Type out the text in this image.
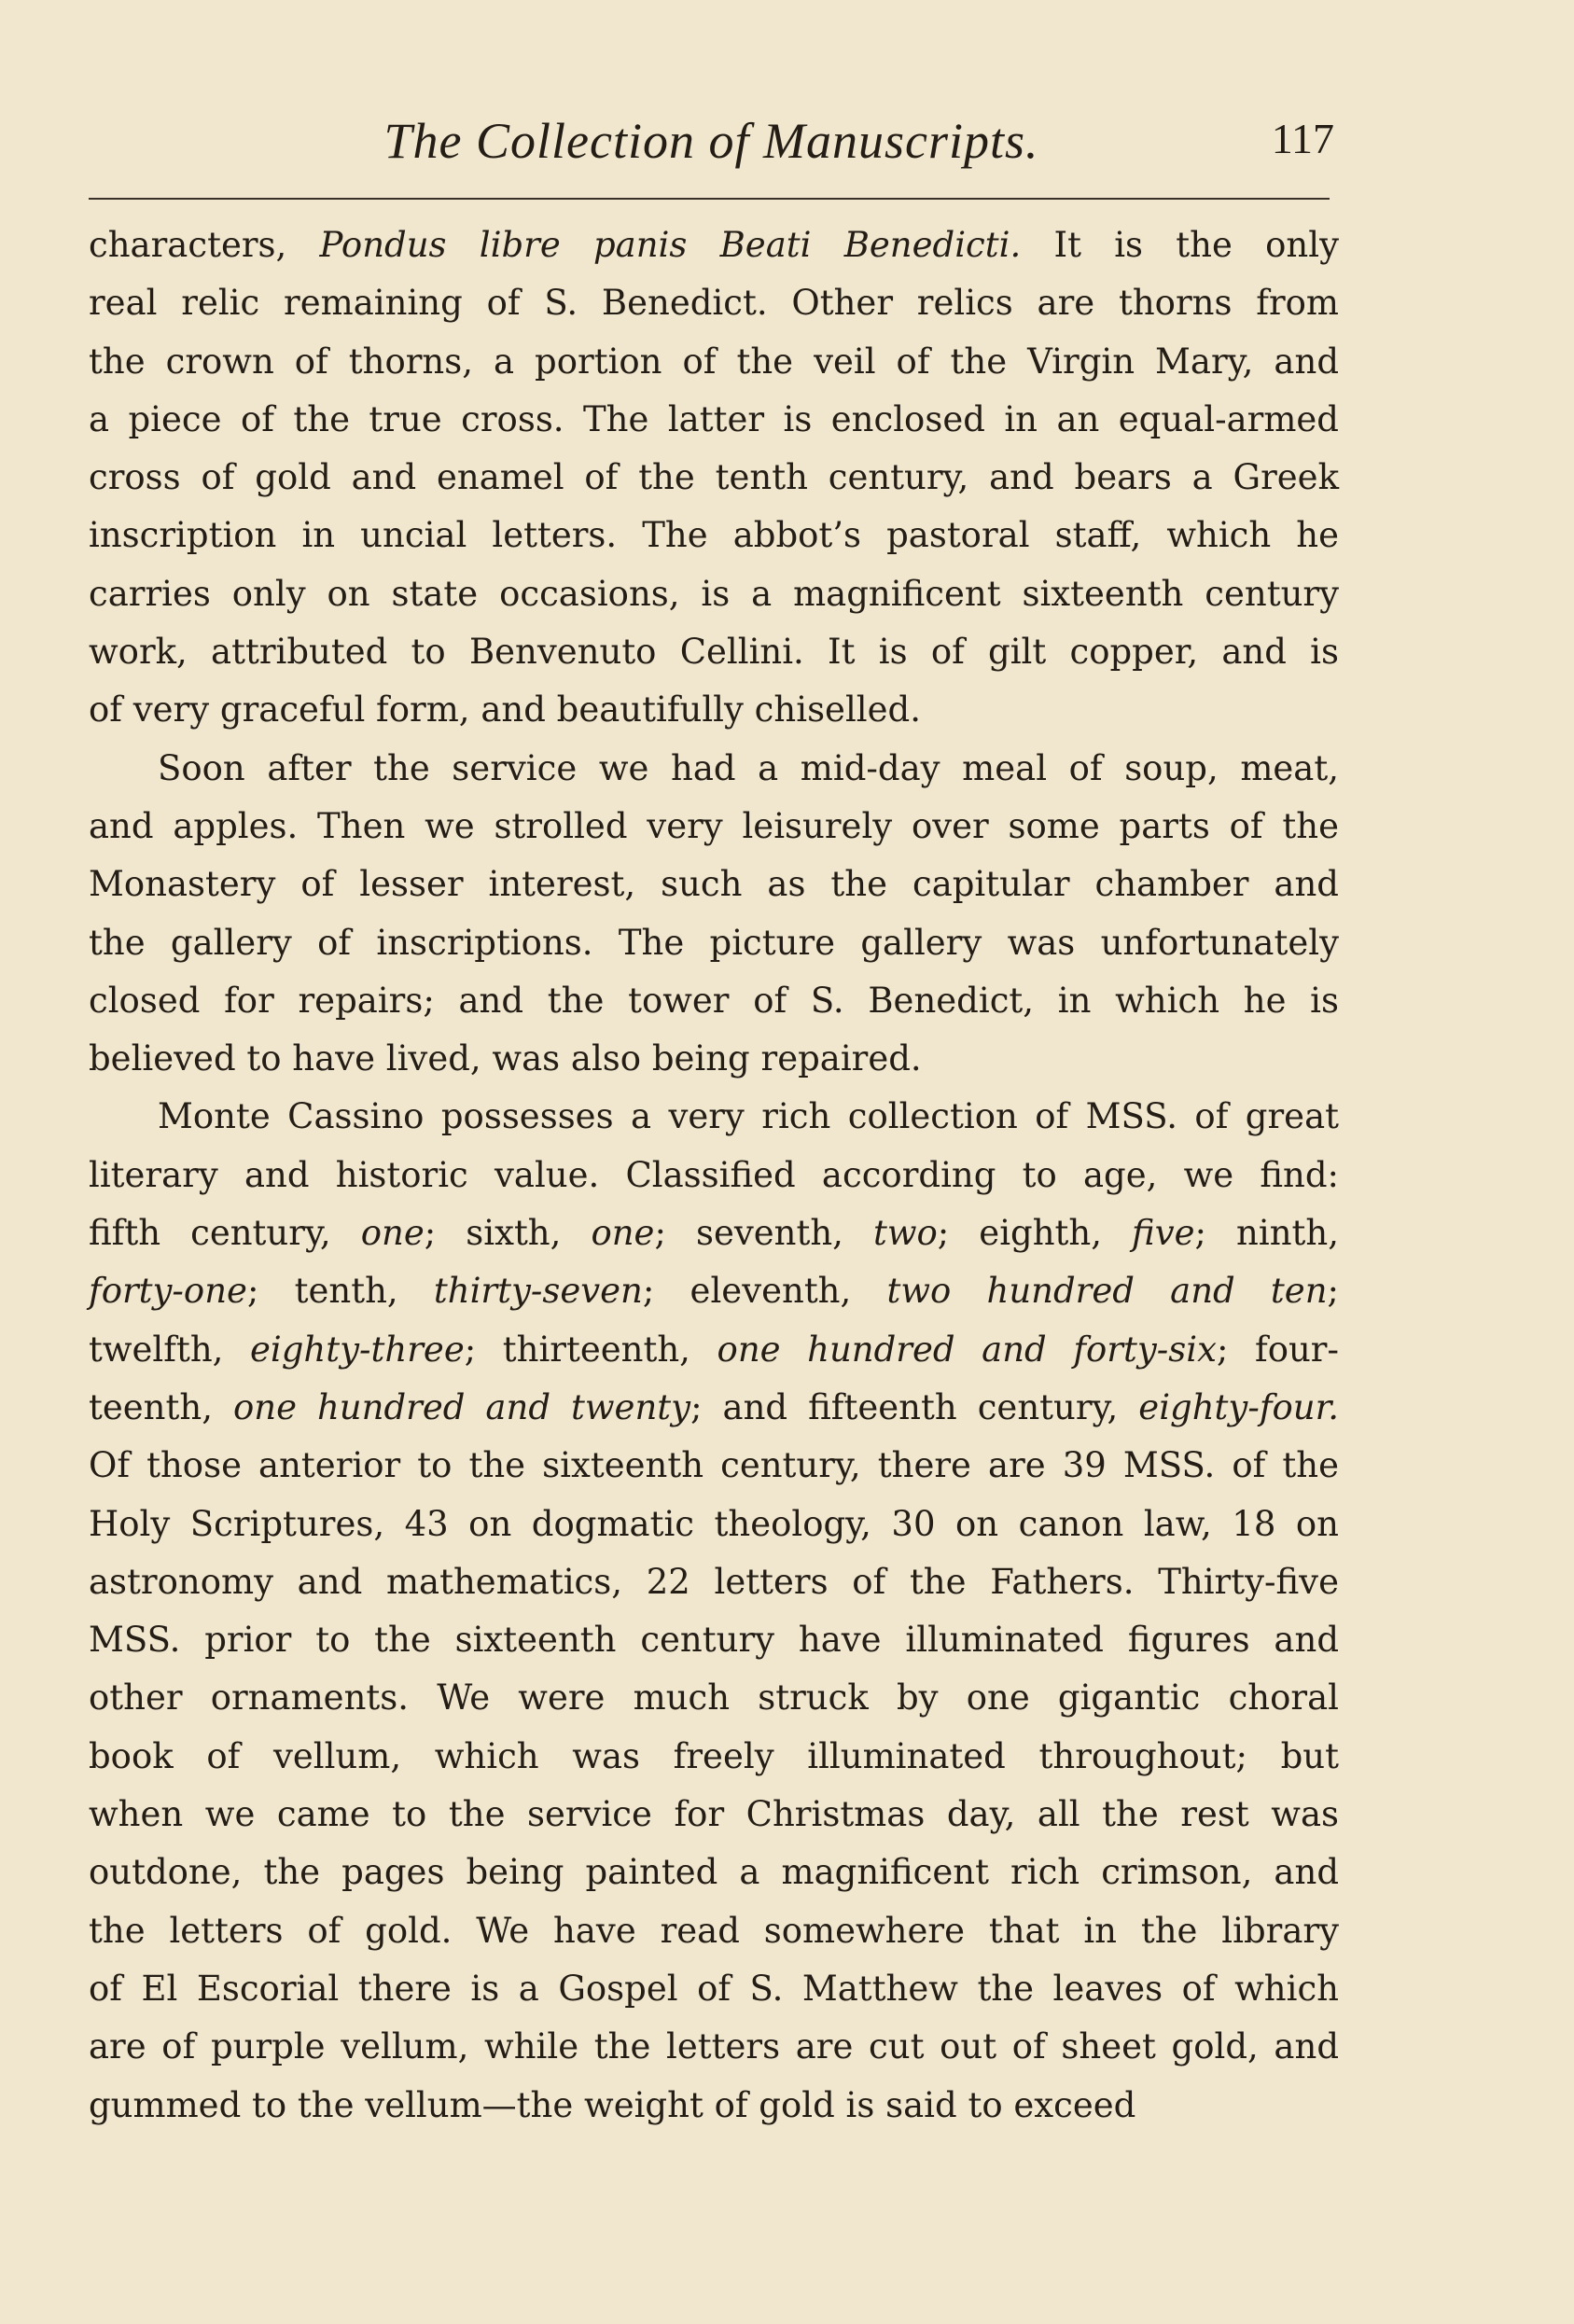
The Collection of Manuscripts.	117
characters, Pondus libre panis Beati Benedicti. It is the only
real relic remaining of S. Benedict. Other relics are thorns from
the crown of thorns, a portion of the veil of the Virgin Mary, and
a piece of the true cross. The latter is enclosed in an equal-armed
cross of gold and enamel of the tenth century, and bears a Greek
inscription in uncial letters. The abbot’s pastoral staff, which he
carries only on state occasions, is a magnificent sixteenth century
work, attributed to Benvenuto Cellini. It is of gilt copper, and is
of very graceful form, and beautifully chiselled.
Soon after the service we had a mid-day meal of soup, meat,
and apples. Then we strolled very leisurely over some parts of the
Monastery of lesser interest, such as the capitular chamber and
the gallery of inscriptions. The picture gallery was unfortunately
closed for repairs; and the tower of S. Benedict, in which he is
believed to have lived, was also being repaired.
Monte Cassino possesses a very rich collection of MSS. of great
literary and historic value. Classified according to age, we find:
fifth century, one; sixth, one; seventh, two; eighth, five; ninth,
forty-one; tenth, thirty-seven; eleventh, two hundred and ten;
twelfth, eighty-three; thirteenth, one hundred and forty-six; four-
teenth, one hundred and twenty; and fifteenth century, eighty-four.
Of those anterior to the sixteenth century, there are 39 MSS. of the
Holy Scriptures, 43 on dogmatic theology, 30 on canon law, 18 on
astronomy and mathematics, 22 letters of the Fathers. Thirty-five
MSS. prior to the sixteenth century have illuminated figures and
other ornaments. We were much struck by one gigantic choral
book of vellum, which was freely illuminated throughout; but
when we came to the service for Christmas day, all the rest was
outdone, the pages being painted a magnificent rich crimson, and
the letters of gold. We have read somewhere that in the library
of El Escorial there is a Gospel of S. Matthew the leaves of which
are of purple vellum, while the letters are cut out of sheet gold, and
gummed to the vellum—the weight of gold is said to exceed
